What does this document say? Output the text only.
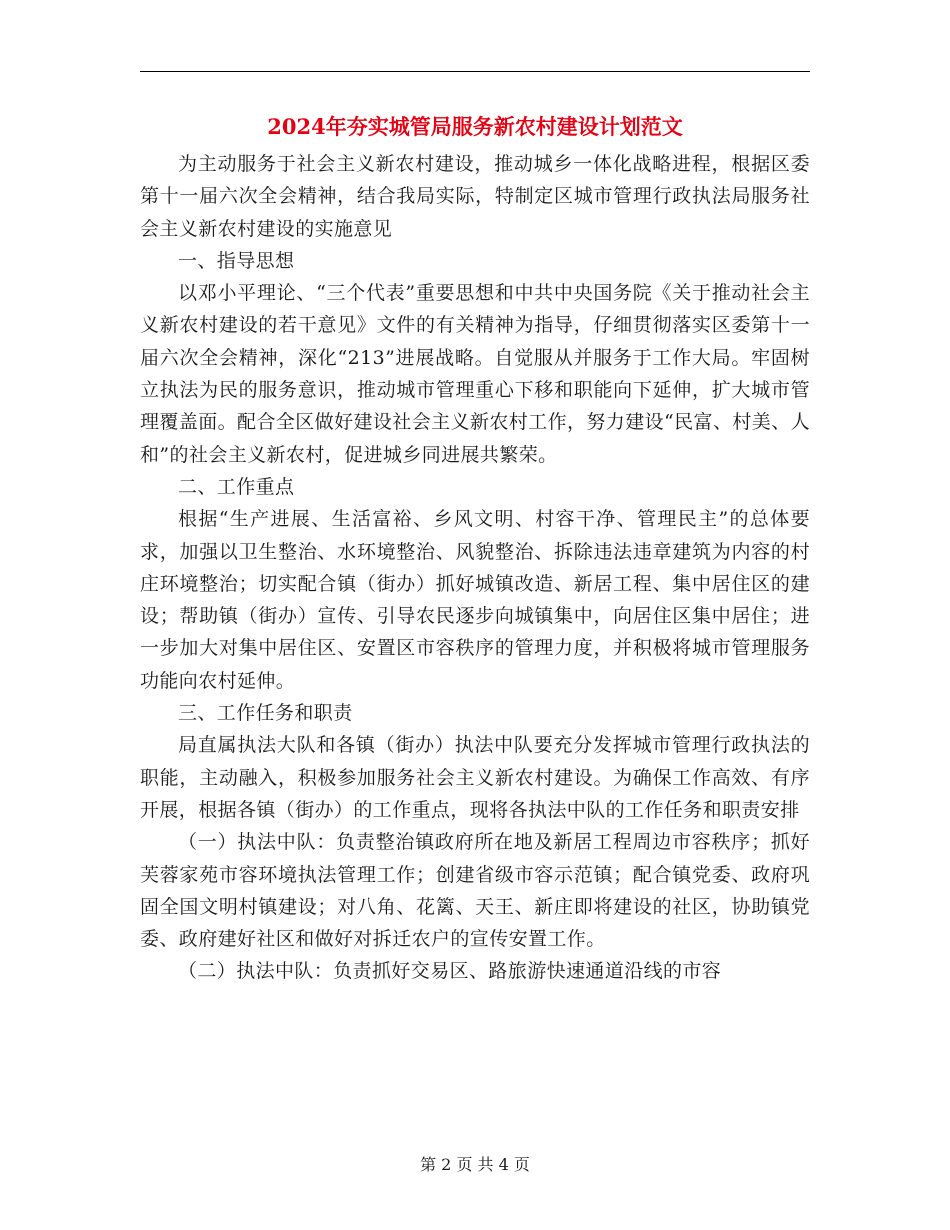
2024年夯实城管局服务新农村建设计划范文

为主动服务于社会主义新农村建设，推动城乡一体化战略进程，根据区委第十一届六次全会精神，结合我局实际，特制定区城市管理行政执法局服务社会主义新农村建设的实施意见

一、指导思想

以邓小平理论、“三个代表”重要思想和中共中央国务院《关于推动社会主义新农村建设的若干意见》文件的有关精神为指导，仔细贯彻落实区委第十一届六次全会精神，深化“213”进展战略。自觉服从并服务于工作大局。牢固树立执法为民的服务意识，推动城市管理重心下移和职能向下延伸，扩大城市管理覆盖面。配合全区做好建设社会主义新农村工作，努力建设“民富、村美、人和”的社会主义新农村，促进城乡同进展共繁荣。

二、工作重点

根据“生产进展、生活富裕、乡风文明、村容干净、管理民主”的总体要求，加强以卫生整治、水环境整治、风貌整治、拆除违法违章建筑为内容的村庄环境整治；切实配合镇（街办）抓好城镇改造、新居工程、集中居住区的建设；帮助镇（街办）宣传、引导农民逐步向城镇集中，向居住区集中居住；进一步加大对集中居住区、安置区市容秩序的管理力度，并积极将城市管理服务功能向农村延伸。

三、工作任务和职责

局直属执法大队和各镇（街办）执法中队要充分发挥城市管理行政执法的职能，主动融入，积极参加服务社会主义新农村建设。为确保工作高效、有序开展，根据各镇（街办）的工作重点，现将各执法中队的工作任务和职责安排

（一）执法中队：负责整治镇政府所在地及新居工程周边市容秩序；抓好芙蓉家苑市容环境执法管理工作；创建省级市容示范镇；配合镇党委、政府巩固全国文明村镇建设；对八角、花篱、天王、新庄即将建设的社区，协助镇党委、政府建好社区和做好对拆迁农户的宣传安置工作。

（二）执法中队：负责抓好交易区、路旅游快速通道沿线的市容

第 2 页 共 4 页
